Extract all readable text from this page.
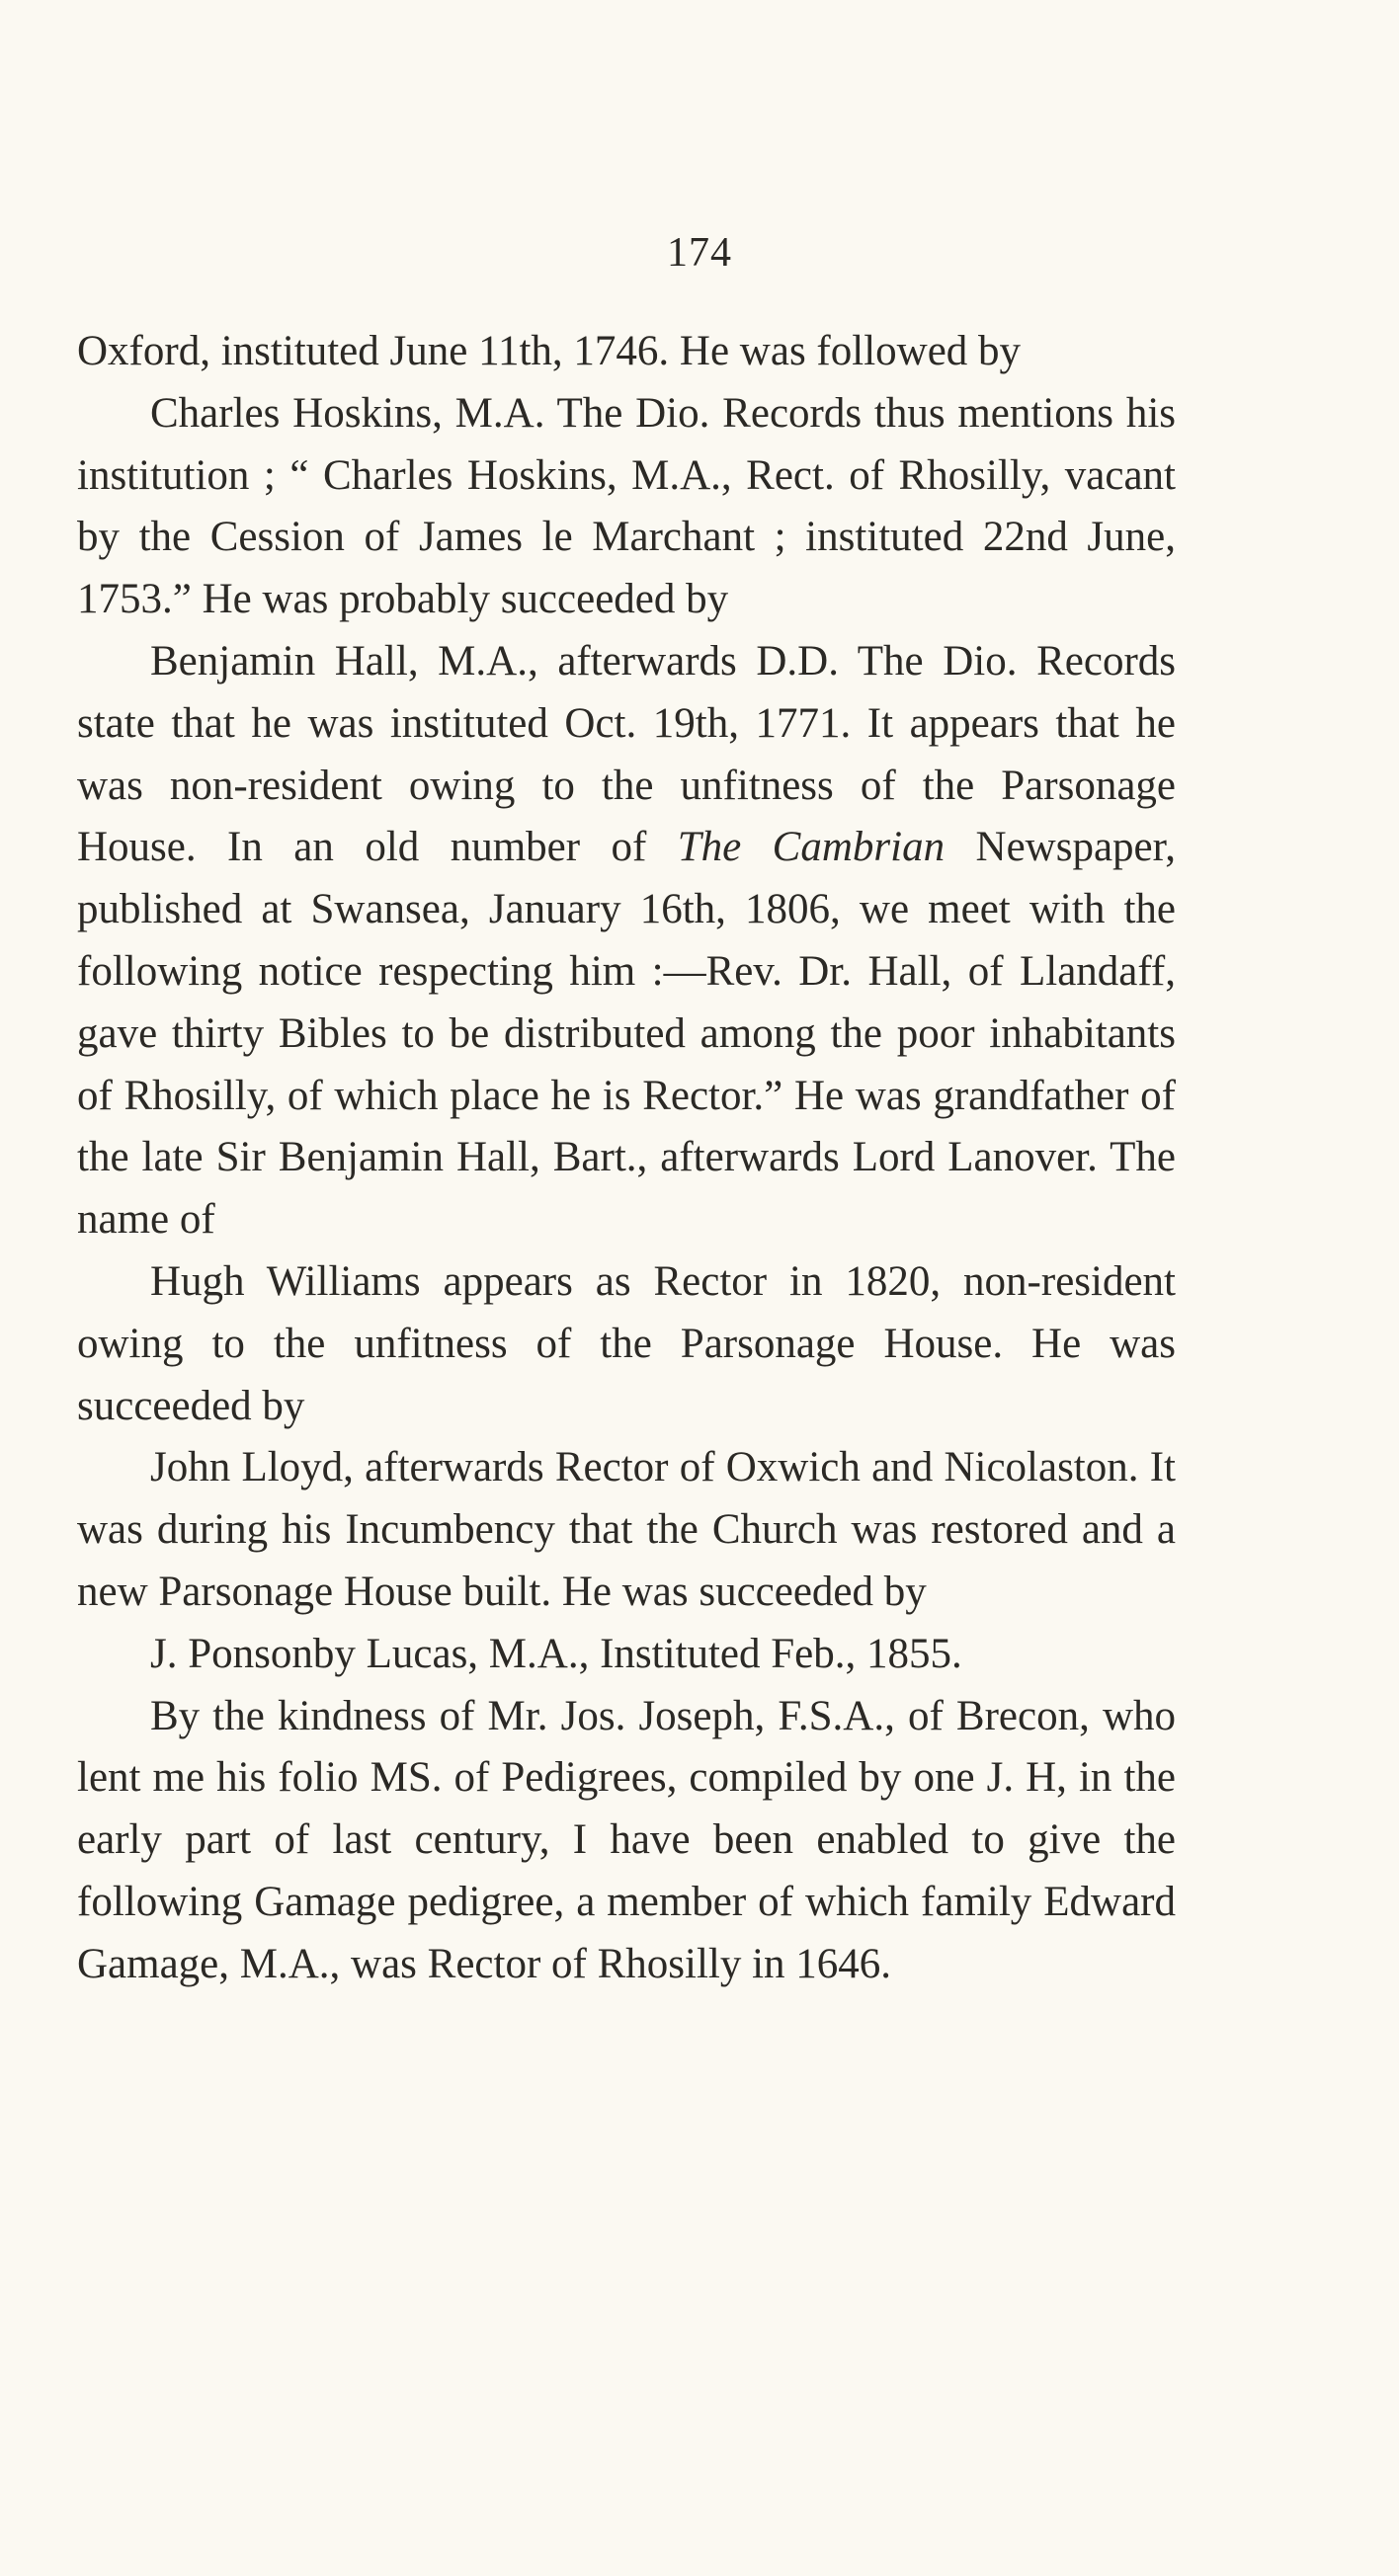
174

Oxford, instituted June 11th, 1746. He was followed by

Charles Hoskins, M.A. The Dio. Records thus mentions his institution ; “ Charles Hoskins, M.A., Rect. of Rhosilly, vacant by the Cession of James le Marchant ; instituted 22nd June, 1753.” He was probably succeeded by

Benjamin Hall, M.A., afterwards D.D. The Dio. Records state that he was instituted Oct. 19th, 1771. It appears that he was non-resident owing to the unfitness of the Parsonage House. In an old number of The Cambrian Newspaper, published at Swansea, January 16th, 1806, we meet with the following notice respecting him :—Rev. Dr. Hall, of Llandaff, gave thirty Bibles to be distributed among the poor inhabitants of Rhosilly, of which place he is Rector.” He was grandfather of the late Sir Benjamin Hall, Bart., afterwards Lord Lanover. The name of

Hugh Williams appears as Rector in 1820, non-resident owing to the unfitness of the Parsonage House. He was succeeded by

John Lloyd, afterwards Rector of Oxwich and Nicolaston. It was during his Incumbency that the Church was restored and a new Parsonage House built. He was succeeded by

J. Ponsonby Lucas, M.A., Instituted Feb., 1855.

By the kindness of Mr. Jos. Joseph, F.S.A., of Brecon, who lent me his folio MS. of Pedigrees, compiled by one J. H, in the early part of last century, I have been enabled to give the following Gamage pedigree, a member of which family Edward Gamage, M.A., was Rector of Rhosilly in 1646.
